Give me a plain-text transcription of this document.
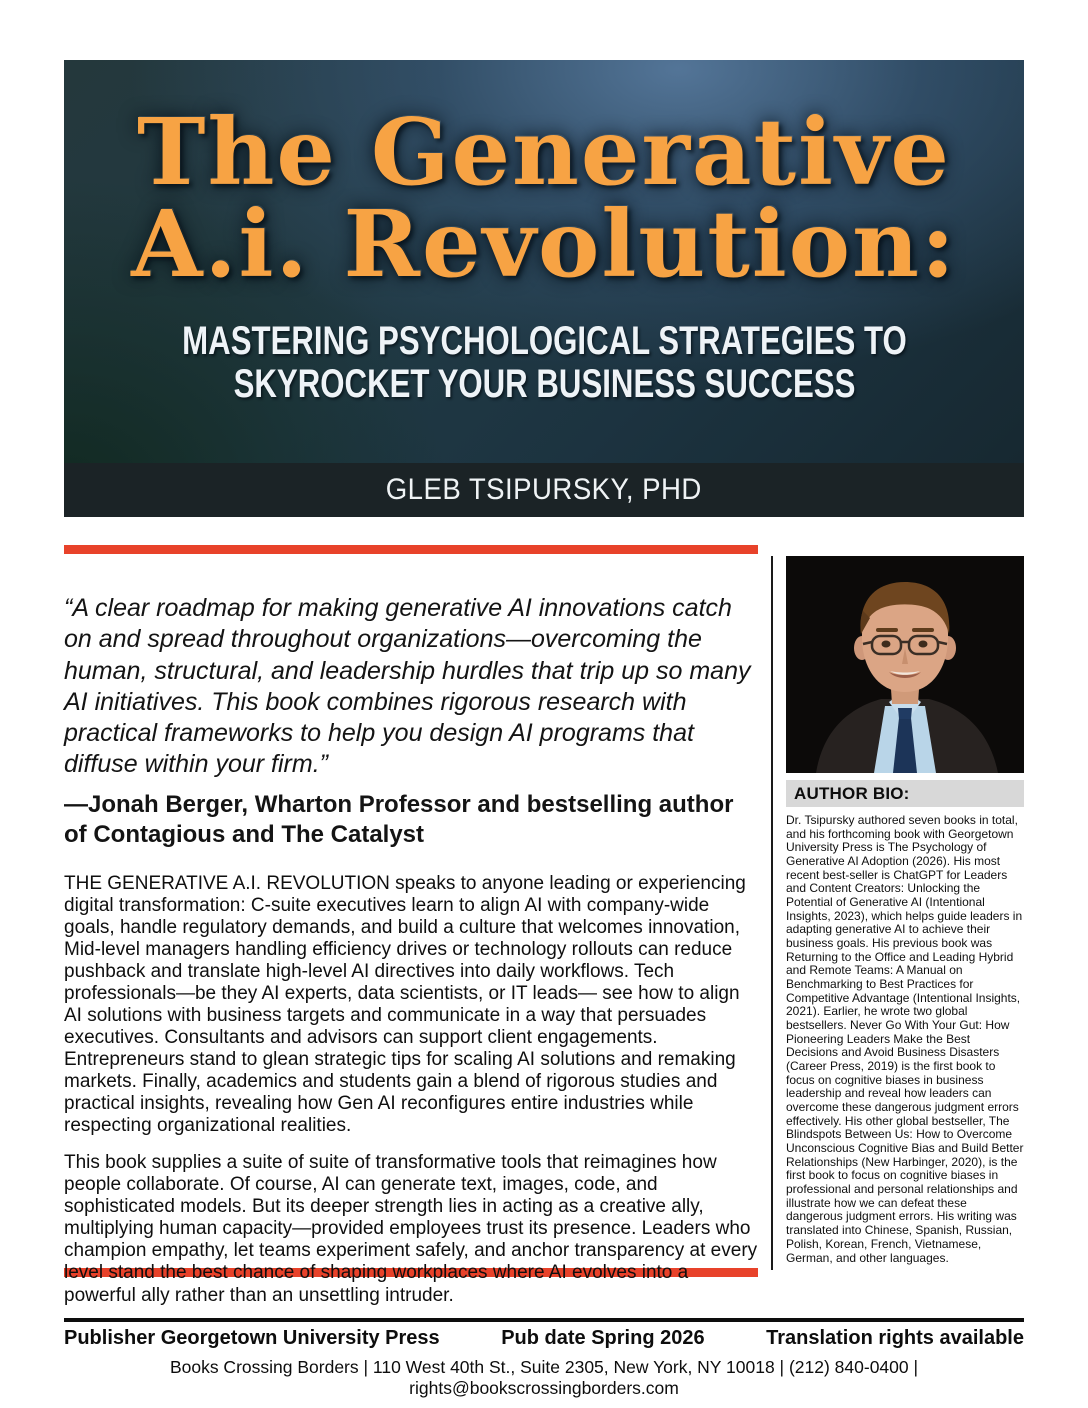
The Generative
A.i. Revolution:
MASTERING PSYCHOLOGICAL STRATEGIES TO
SKYROCKET YOUR BUSINESS SUCCESS
GLEB TSIPURSKY, PHD
“A clear roadmap for making generative AI innovations catch on and spread throughout organizations—overcoming the human, structural, and leadership hurdles that trip up so many AI initiatives. This book combines rigorous research with practical frameworks to help you design AI programs that diffuse within your firm.”
—Jonah Berger, Wharton Professor and bestselling author of Contagious and The Catalyst
THE GENERATIVE A.I. REVOLUTION speaks to anyone leading or experiencing digital transformation: C-suite executives learn to align AI with company-wide goals, handle regulatory demands, and build a culture that welcomes innovation, Mid-level managers handling efficiency drives or technology rollouts can reduce pushback and translate high-level AI directives into daily workflows. Tech professionals—be they AI experts, data scientists, or IT leads— see how to align AI solutions with business targets and communicate in a way that persuades executives. Consultants and advisors can support client engagements. Entrepreneurs stand to glean strategic tips for scaling AI solutions and remaking markets. Finally, academics and students gain a blend of rigorous studies and practical insights, revealing how Gen AI reconfigures entire industries while respecting organizational realities.
This book supplies a suite of suite of transformative tools that reimagines how people collaborate. Of course, AI can generate text, images, code, and sophisticated models. But its deeper strength lies in acting as a creative ally, multiplying human capacity—provided employees trust its presence. Leaders who champion empathy, let teams experiment safely, and anchor transparency at every level stand the best chance of shaping workplaces where AI evolves into a powerful ally rather than an unsettling intruder.
AUTHOR BIO:
Dr. Tsipursky authored seven books in total, and his forthcoming book with Georgetown University Press is The Psychology of Generative AI Adoption (2026). His most recent best-seller is ChatGPT for Leaders and Content Creators: Unlocking the Potential of Generative AI (Intentional Insights, 2023), which helps guide leaders in adapting generative AI to achieve their business goals. His previous book was Returning to the Office and Leading Hybrid and Remote Teams: A Manual on Benchmarking to Best Practices for Competitive Advantage (Intentional Insights, 2021). Earlier, he wrote two global bestsellers. Never Go With Your Gut: How Pioneering Leaders Make the Best Decisions and Avoid Business Disasters (Career Press, 2019) is the first book to focus on cognitive biases in business leadership and reveal how leaders can overcome these dangerous judgment errors effectively. His other global bestseller, The Blindspots Between Us: How to Overcome Unconscious Cognitive Bias and Build Better Relationships (New Harbinger, 2020), is the first book to focus on cognitive biases in professional and personal relationships and illustrate how we can defeat these dangerous judgment errors. His writing was translated into Chinese, Spanish, Russian, Polish, Korean, French, Vietnamese, German, and other languages.
Publisher Georgetown University Press	Pub date Spring 2026	Translation rights available
Books Crossing Borders | 110 West 40th St., Suite 2305, New York, NY 10018 | (212) 840-0400 | rights@bookscrossingborders.com
